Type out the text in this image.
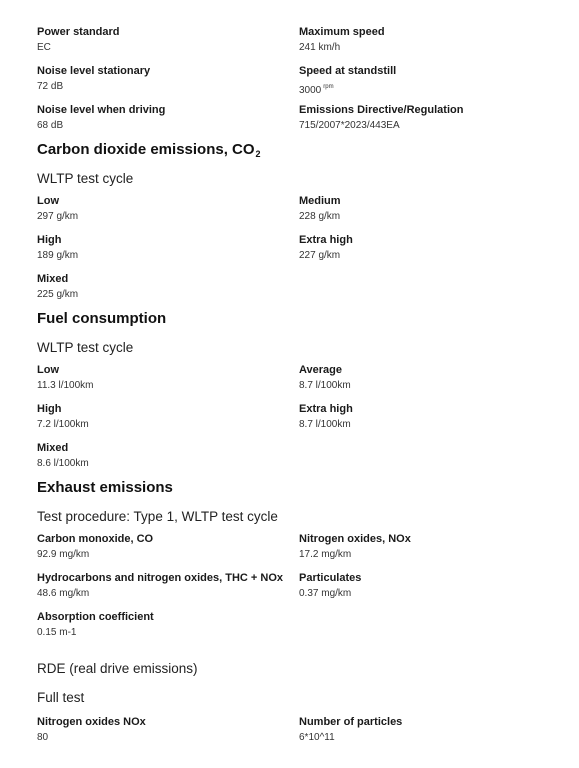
Power standard
EC
Maximum speed
241 km/h
Noise level stationary
72 dB
Speed at standstill
3000 $^{rpm}$
Noise level when driving
68 dB
Emissions Directive/Regulation
715/2007*2023/443EA
Carbon dioxide emissions, $CO_2$
WLTP test cycle
Low
297 g/km
Medium
228 g/km
High
189 g/km
Extra high
227 g/km
Mixed
225 g/km
Fuel consumption
WLTP test cycle
Low
11.3 l/100km
Average
8.7 l/100km
High
7.2 l/100km
Extra high
8.7 l/100km
Mixed
8.6 l/100km
Exhaust emissions
Test procedure: Type 1, WLTP test cycle
Carbon monoxide, CO
92.9 mg/km
Nitrogen oxides, NOx
17.2 mg/km
Hydrocarbons and nitrogen oxides, THC + NOx
48.6 mg/km
Particulates
0.37 mg/km
Absorption coefficient
0.15 m-1
RDE (real drive emissions)
Full test
Nitrogen oxides NOx
80
Number of particles
6*10^11
